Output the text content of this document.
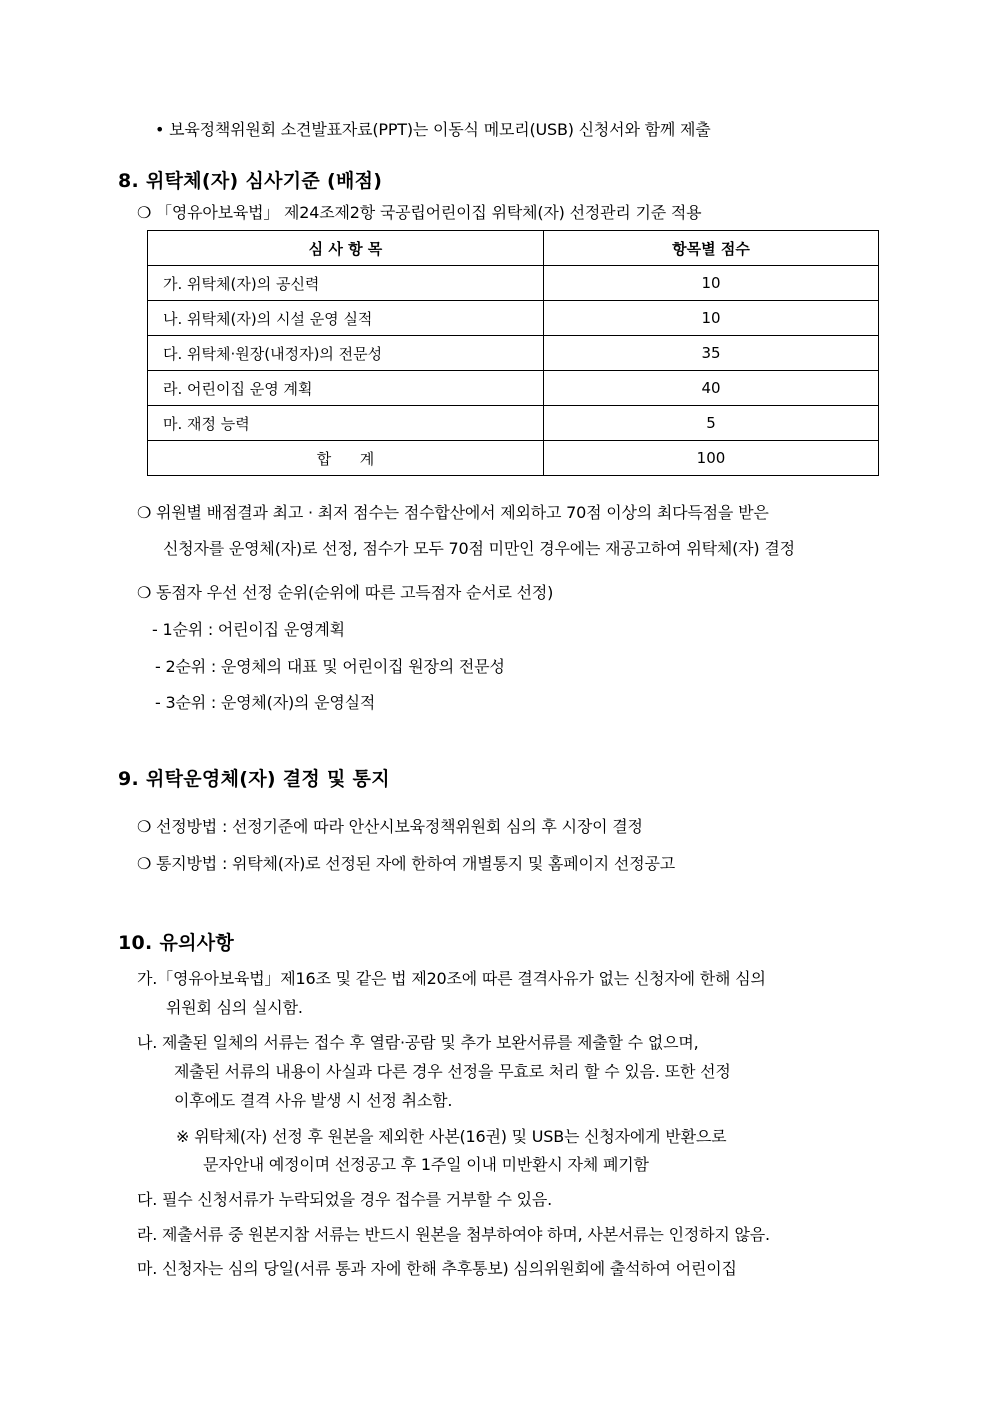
• 보육정책위원회 소견발표자료(PPT)는 이동식 메모리(USB) 신청서와 함께 제출
8. 위탁체(자) 심사기준 (배점)
❍ 「영유아보육법」 제24조제2항 국공립어린이집 위탁체(자) 선정관리 기준 적용
심 사 항 목	항목별 점수
가. 위탁체(자)의 공신력	10
나. 위탁체(자)의 시설 운영 실적	10
다. 위탁체·원장(내정자)의 전문성	35
라. 어린이집 운영 계획	40
마. 재정 능력	5
합      계	100
❍ 위원별 배점결과 최고 · 최저 점수는 점수합산에서 제외하고 70점 이상의 최다득점을 받은
신청자를 운영체(자)로 선정, 점수가 모두 70점 미만인 경우에는 재공고하여 위탁체(자) 결정
❍ 동점자 우선 선정 순위(순위에 따른 고득점자 순서로 선정)
- 1순위 : 어린이집 운영계획
- 2순위 : 운영체의 대표 및 어린이집 원장의 전문성
- 3순위 : 운영체(자)의 운영실적
9. 위탁운영체(자) 결정 및 통지
❍ 선정방법 : 선정기준에 따라 안산시보육정책위원회 심의 후 시장이 결정
❍ 통지방법 : 위탁체(자)로 선정된 자에 한하여 개별통지 및 홈페이지 선정공고
10. 유의사항
가.「영유아보육법」제16조 및 같은 법 제20조에 따른 결격사유가 없는 신청자에 한해 심의
위원회 심의 실시함.
나. 제출된 일체의 서류는 접수 후 열람·공람 및 추가 보완서류를 제출할 수 없으며,
제출된 서류의 내용이 사실과 다른 경우 선정을 무효로 처리 할 수 있음. 또한 선정
이후에도 결격 사유 발생 시 선정 취소함.
※ 위탁체(자) 선정 후 원본을 제외한 사본(16권) 및 USB는 신청자에게 반환으로
문자안내 예정이며 선정공고 후 1주일 이내 미반환시 자체 폐기함
다. 필수 신청서류가 누락되었을 경우 접수를 거부할 수 있음.
라. 제출서류 중 원본지참 서류는 반드시 원본을 첨부하여야 하며, 사본서류는 인정하지 않음.
마. 신청자는 심의 당일(서류 통과 자에 한해 추후통보) 심의위원회에 출석하여 어린이집
